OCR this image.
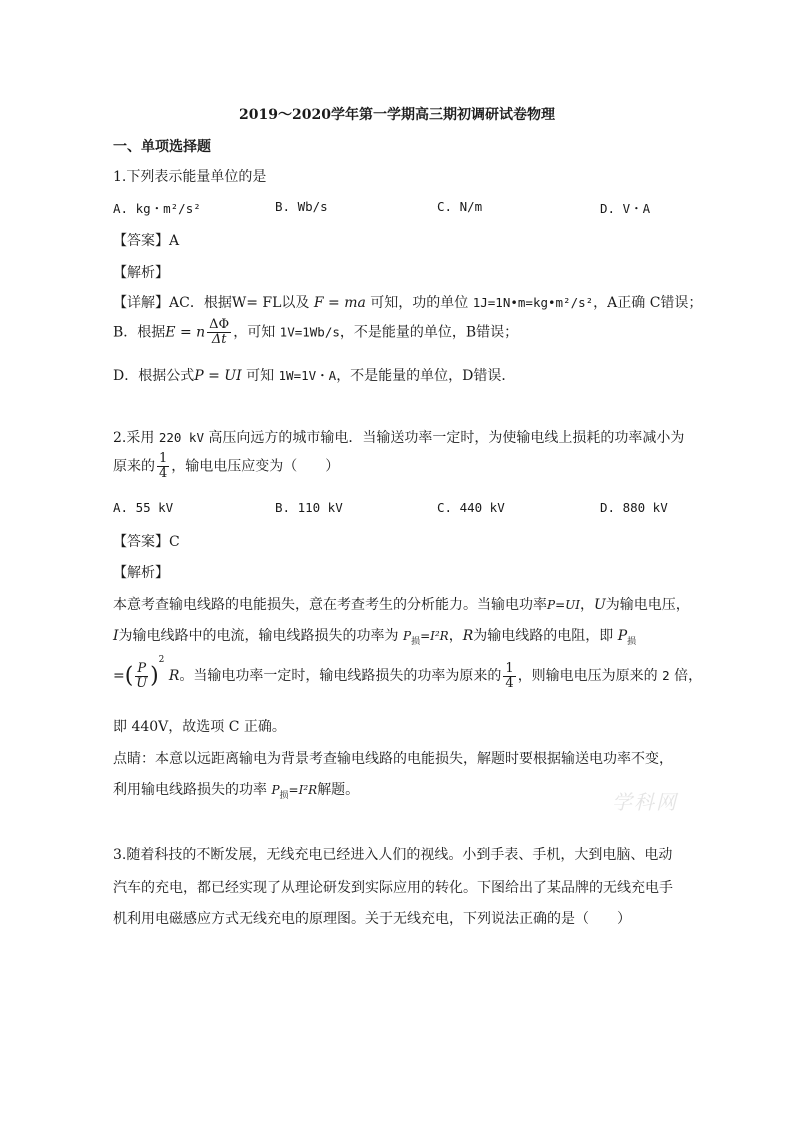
2019～2020学年第一学期高三期初调研试卷物理
一、单项选择题
1.下列表示能量单位的是
A. kg・m²/s²	B. Wb/s	C. N/m	D. V・A
【答案】A
【解析】
【详解】AC．根据W= FL以及 F = ma 可知，功的单位 1J=1N•m=kg•m²/s²，A正确 C错误；
B．根据E = n $\frac{\Delta\Phi}{\Delta t}$ ，可知 1V=1Wb/s，不是能量的单位，B错误；
D．根据公式P = UI 可知 1W=1V・A，不是能量的单位，D错误．
2.采用 220 kV 高压向远方的城市输电．当输送功率一定时，为使输电线上损耗的功率减小为
原来的 $\frac{1}{4}$ ，输电电压应变为（　　）
A. 55 kV	B. 110 kV	C. 440 kV	D. 880 kV
【答案】C
【解析】
本意考查输电线路的电能损失，意在考查考生的分析能力。当输电功率P=UI，U为输电电压，
I为输电线路中的电流，输电线路损失的功率为 $P_损=I^2R$，R为输电线路的电阻，即 $P_损$
=( $\frac{P}{U} )^2$ R。当输电功率一定时，输电线路损失的功率为原来的 $\frac{1}{4}$ ，则输电电压为原来的 2 倍，
即 440V，故选项 C 正确。
点睛：本意以远距离输电为背景考查输电线路的电能损失，解题时要根据输送电功率不变，
利用输电线路损失的功率 $P_损=I^2R$解题。	学科网
3.随着科技的不断发展，无线充电已经进入人们的视线。小到手表、手机，大到电脑、电动
汽车的充电，都已经实现了从理论研发到实际应用的转化。下图给出了某品牌的无线充电手
机利用电磁感应方式无线充电的原理图。关于无线充电，下列说法正确的是（　　）
